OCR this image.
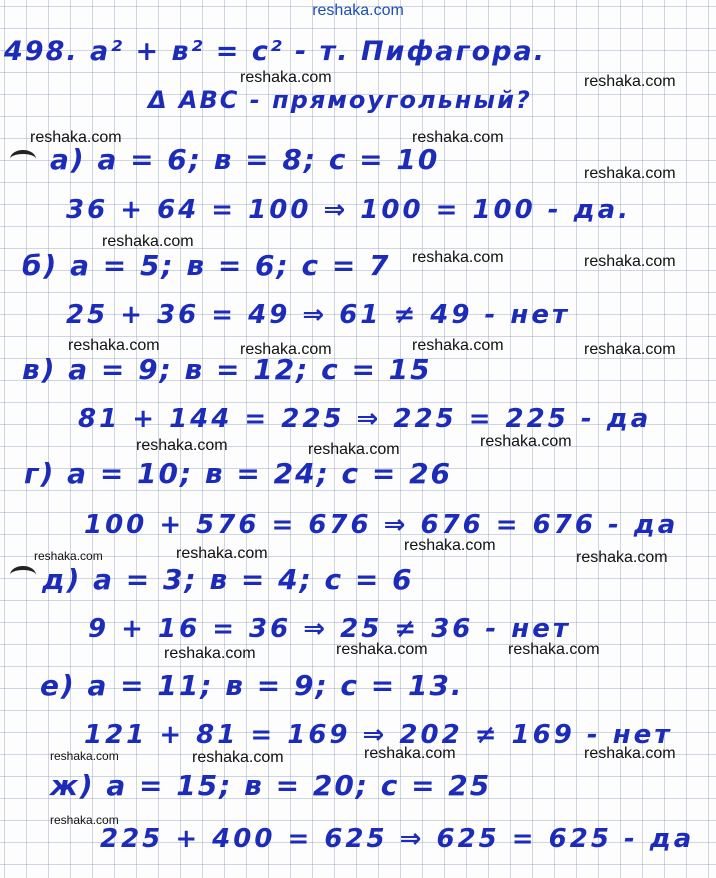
reshaka.com
498. a² + в² = c² - т. Пифагора.
Δ ABC - прямоугольный?
а) a = 6; в = 8; c = 10
36 + 64 = 100 ⇒ 100 = 100 - да.
б) a = 5; в = 6; c = 7
25 + 36 = 49 ⇒ 61 ≠ 49 - нет
в) a = 9; в = 12; c = 15
81 + 144 = 225 ⇒ 225 = 225 - да
г) a = 10; в = 24; c = 26
100 + 576 = 676 ⇒ 676 = 676 - да
д) a = 3; в = 4; c = 6
9 + 16 = 36 ⇒ 25 ≠ 36 - нет
е) a = 11; в = 9; c = 13.
121 + 81 = 169 ⇒ 202 ≠ 169 - нет
ж) a = 15; в = 20; c = 25
225 + 400 = 625 ⇒ 625 = 625 - да
reshaka.com	reshaka.com
reshaka.com	reshaka.com
reshaka.com
reshaka.com
reshaka.com	reshaka.com
reshaka.com	reshaka.com	reshaka.com	reshaka.com
reshaka.com	reshaka.com	reshaka.com
reshaka.com	reshaka.com	reshaka.com
reshaka.com
reshaka.com	reshaka.com	reshaka.com
reshaka.com	reshaka.com	reshaka.com	reshaka.com
reshaka.com
